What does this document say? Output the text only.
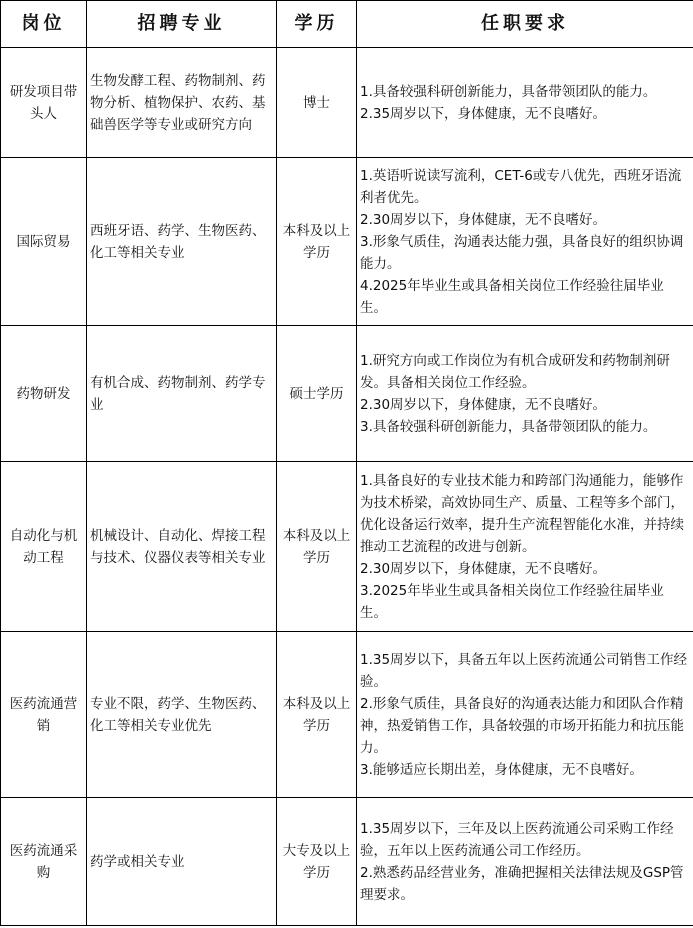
岗位	招聘专业	学历	任职要求
研发项目带头人	生物发酵工程、药物制剂、药物分析、植物保护、农药、基础兽医学等专业或研究方向	博士	1.具备较强科研创新能力，具备带领团队的能力。
2.35周岁以下，身体健康，无不良嗜好。

国际贸易	西班牙语、药学、生物医药、化工等相关专业	本科及以上学历	1.英语听说读写流利，CET-6或专八优先，西班牙语流利者优先。
2.30周岁以下，身体健康，无不良嗜好。
3.形象气质佳，沟通表达能力强，具备良好的组织协调能力。
4.2025年毕业生或具备相关岗位工作经验往届毕业生。

药物研发	有机合成、药物制剂、药学专业	硕士学历	1.研究方向或工作岗位为有机合成研发和药物制剂研发。具备相关岗位工作经验。
2.30周岁以下，身体健康，无不良嗜好。
3.具备较强科研创新能力，具备带领团队的能力。

自动化与机动工程	机械设计、自动化、焊接工程与技术、仪器仪表等相关专业	本科及以上学历	1.具备良好的专业技术能力和跨部门沟通能力，能够作为技术桥梁，高效协同生产、质量、工程等多个部门，优化设备运行效率，提升生产流程智能化水准，并持续推动工艺流程的改进与创新。
2.30周岁以下，身体健康，无不良嗜好。
3.2025年毕业生或具备相关岗位工作经验往届毕业生。

医药流通营销	专业不限，药学、生物医药、化工等相关专业优先	本科及以上学历	1.35周岁以下，具备五年以上医药流通公司销售工作经验。
2.形象气质佳，具备良好的沟通表达能力和团队合作精神，热爱销售工作，具备较强的市场开拓能力和抗压能力。
3.能够适应长期出差，身体健康，无不良嗜好。

医药流通采购	药学或相关专业	大专及以上学历	1.35周岁以下，三年及以上医药流通公司采购工作经验，五年以上医药流通公司工作经历。
2.熟悉药品经营业务，准确把握相关法律法规及GSP管理要求。
